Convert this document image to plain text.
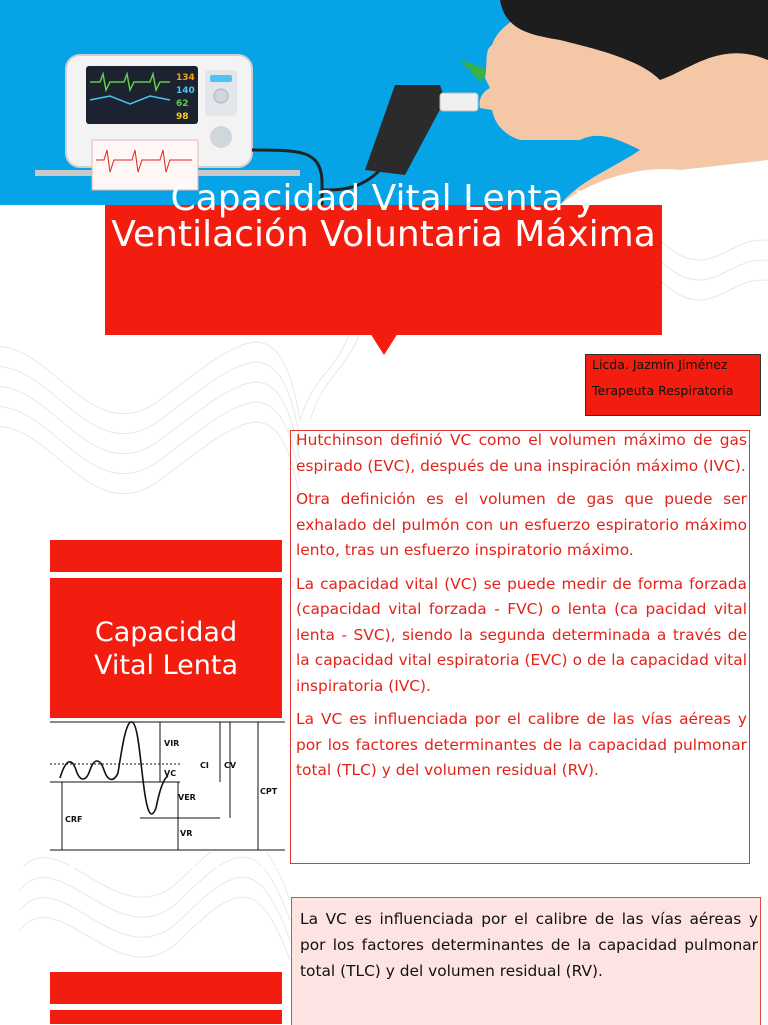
134
140
62
98
Capacidad Vital Lenta y Ventilación Voluntaria Máxima
Licda. Jazmín Jiménez
Terapeuta Respiratoria

Hutchinson definió VC como el volumen máximo de gas espirado (EVC), después de una inspiración máximo (IVC).

Otra definición es el volumen de gas que puede ser exhalado del pulmón con un esfuerzo espiratorio máximo lento, tras un esfuerzo inspiratorio máximo.

La capacidad vital (VC) se puede medir de forma forzada (capacidad vital forzada - FVC) o lenta (ca pacidad vital lenta - SVC), siendo la segunda determinada a través de la capacidad vital espiratoria (EVC) o de la capacidad vital inspiratoria (IVC).

La VC es influenciada por el calibre de las vías aéreas y por los factores determinantes de la capacidad pulmonar total (TLC) y del volumen residual (RV).

Capacidad Vital Lenta
VIR
VC
VER
VR
CRF
CI CV
CPT

La VC es influenciada por el calibre de las vías aéreas y por los factores determinantes de la capacidad pulmonar total (TLC) y del volumen residual (RV).
